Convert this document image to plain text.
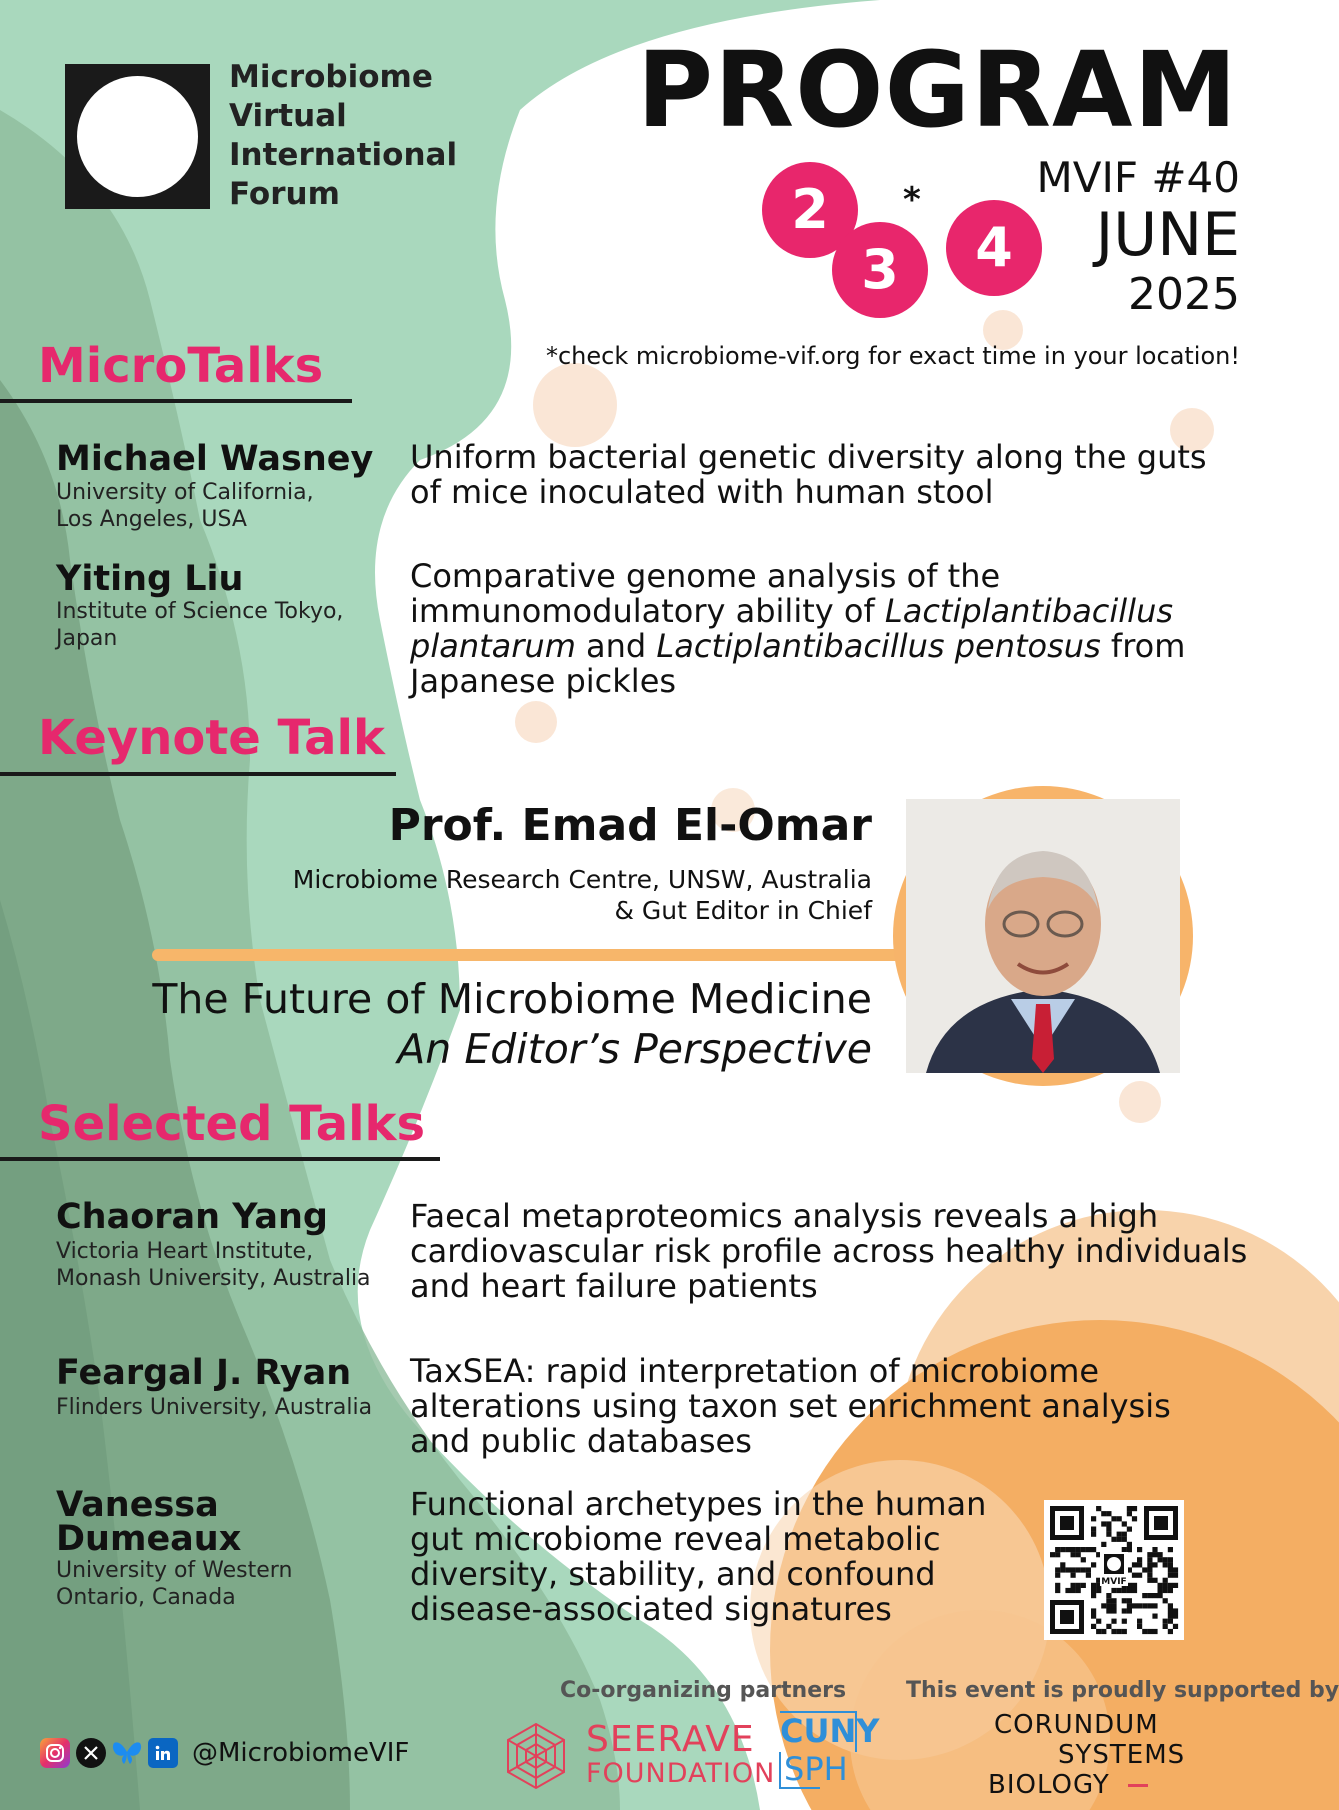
Microbiome
Virtual
International
Forum
PROGRAM
2
3
*
4
MVIF #40
JUNE
2025
*check microbiome-vif.org for exact time in your location!
MicroTalks
Michael Wasney
University of California,
Los Angeles, USA
Uniform bacterial genetic diversity along the guts
of mice inoculated with human stool
Yiting Liu
Institute of Science Tokyo,
Japan
Comparative genome analysis of the
immunomodulatory ability of Lactiplantibacillus
plantarum and Lactiplantibacillus pentosus from
Japanese pickles
Keynote Talk
Prof. Emad El-Omar
Microbiome Research Centre, UNSW, Australia
& Gut Editor in Chief
The Future of Microbiome Medicine
An Editor’s Perspective
Selected Talks
Chaoran Yang
Victoria Heart Institute,
Monash University, Australia
Faecal metaproteomics analysis reveals a high
cardiovascular risk profile across healthy individuals
and heart failure patients
Feargal J. Ryan
Flinders University, Australia
TaxSEA: rapid interpretation of microbiome
alterations using taxon set enrichment analysis
and public databases
Vanessa
Dumeaux
University of Western
Ontario, Canada
Functional archetypes in the human
gut microbiome reveal metabolic
diversity, stability, and confound
disease-associated signatures
MVIF
@MicrobiomeVIF
Co-organizing partners
SEERAVE
FOUNDATION
CUNY
SPH
This event is proudly supported by
CORUNDUM
SYSTEMS
BIOLOGY
